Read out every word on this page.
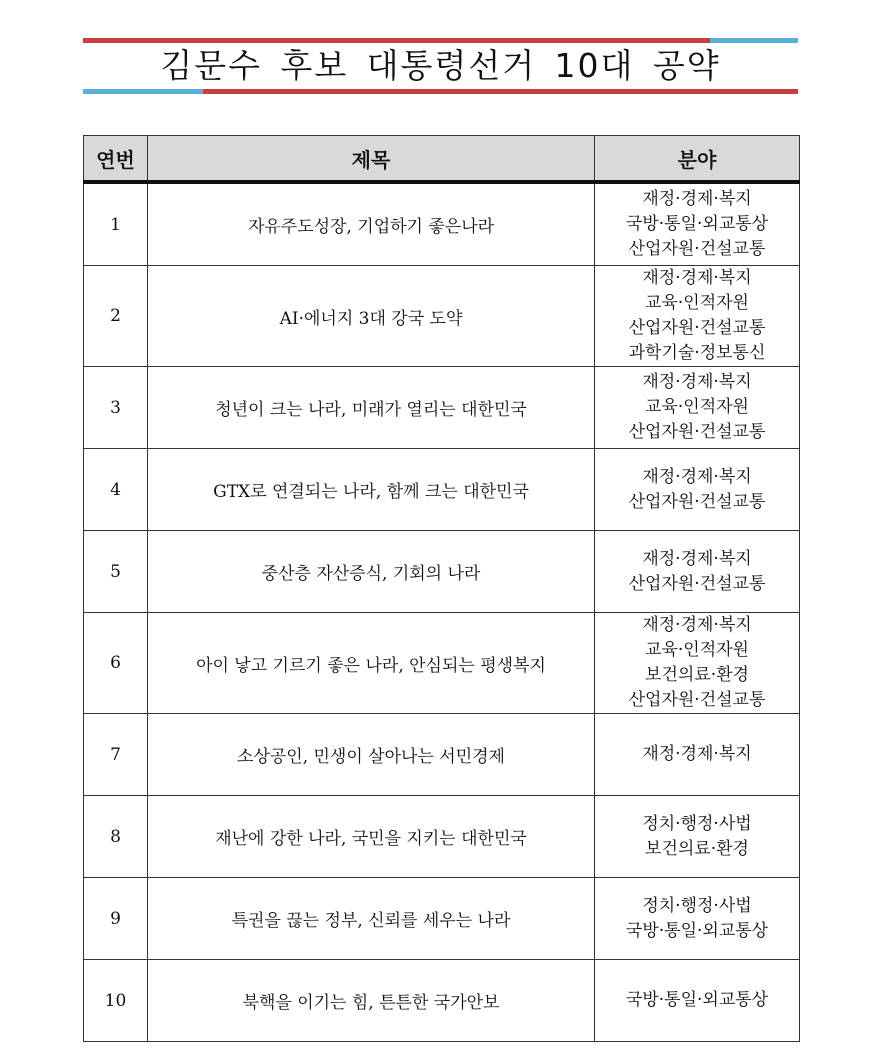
김문수 후보 대통령선거 10대 공약
연번	제목	분야
1	자유주도성장, 기업하기 좋은나라	재정·경제·복지
국방·통일·외교통상
산업자원·건설교통

2	AI·에너지 3대 강국 도약	재정·경제·복지
교육·인적자원
산업자원·건설교통
과학기술·정보통신

3	청년이 크는 나라, 미래가 열리는 대한민국	재정·경제·복지
교육·인적자원
산업자원·건설교통

4	GTX로 연결되는 나라, 함께 크는 대한민국	재정·경제·복지
산업자원·건설교통

5	중산층 자산증식, 기회의 나라	재정·경제·복지
산업자원·건설교통

6	아이 낳고 기르기 좋은 나라, 안심되는 평생복지	재정·경제·복지
교육·인적자원
보건의료·환경
산업자원·건설교통

7	소상공인, 민생이 살아나는 서민경제	재정·경제·복지

8	재난에 강한 나라, 국민을 지키는 대한민국	정치·행정·사법
보건의료·환경

9	특권을 끊는 정부, 신뢰를 세우는 나라	정치·행정·사법
국방·통일·외교통상

10	북핵을 이기는 힘, 튼튼한 국가안보	국방·통일·외교통상
